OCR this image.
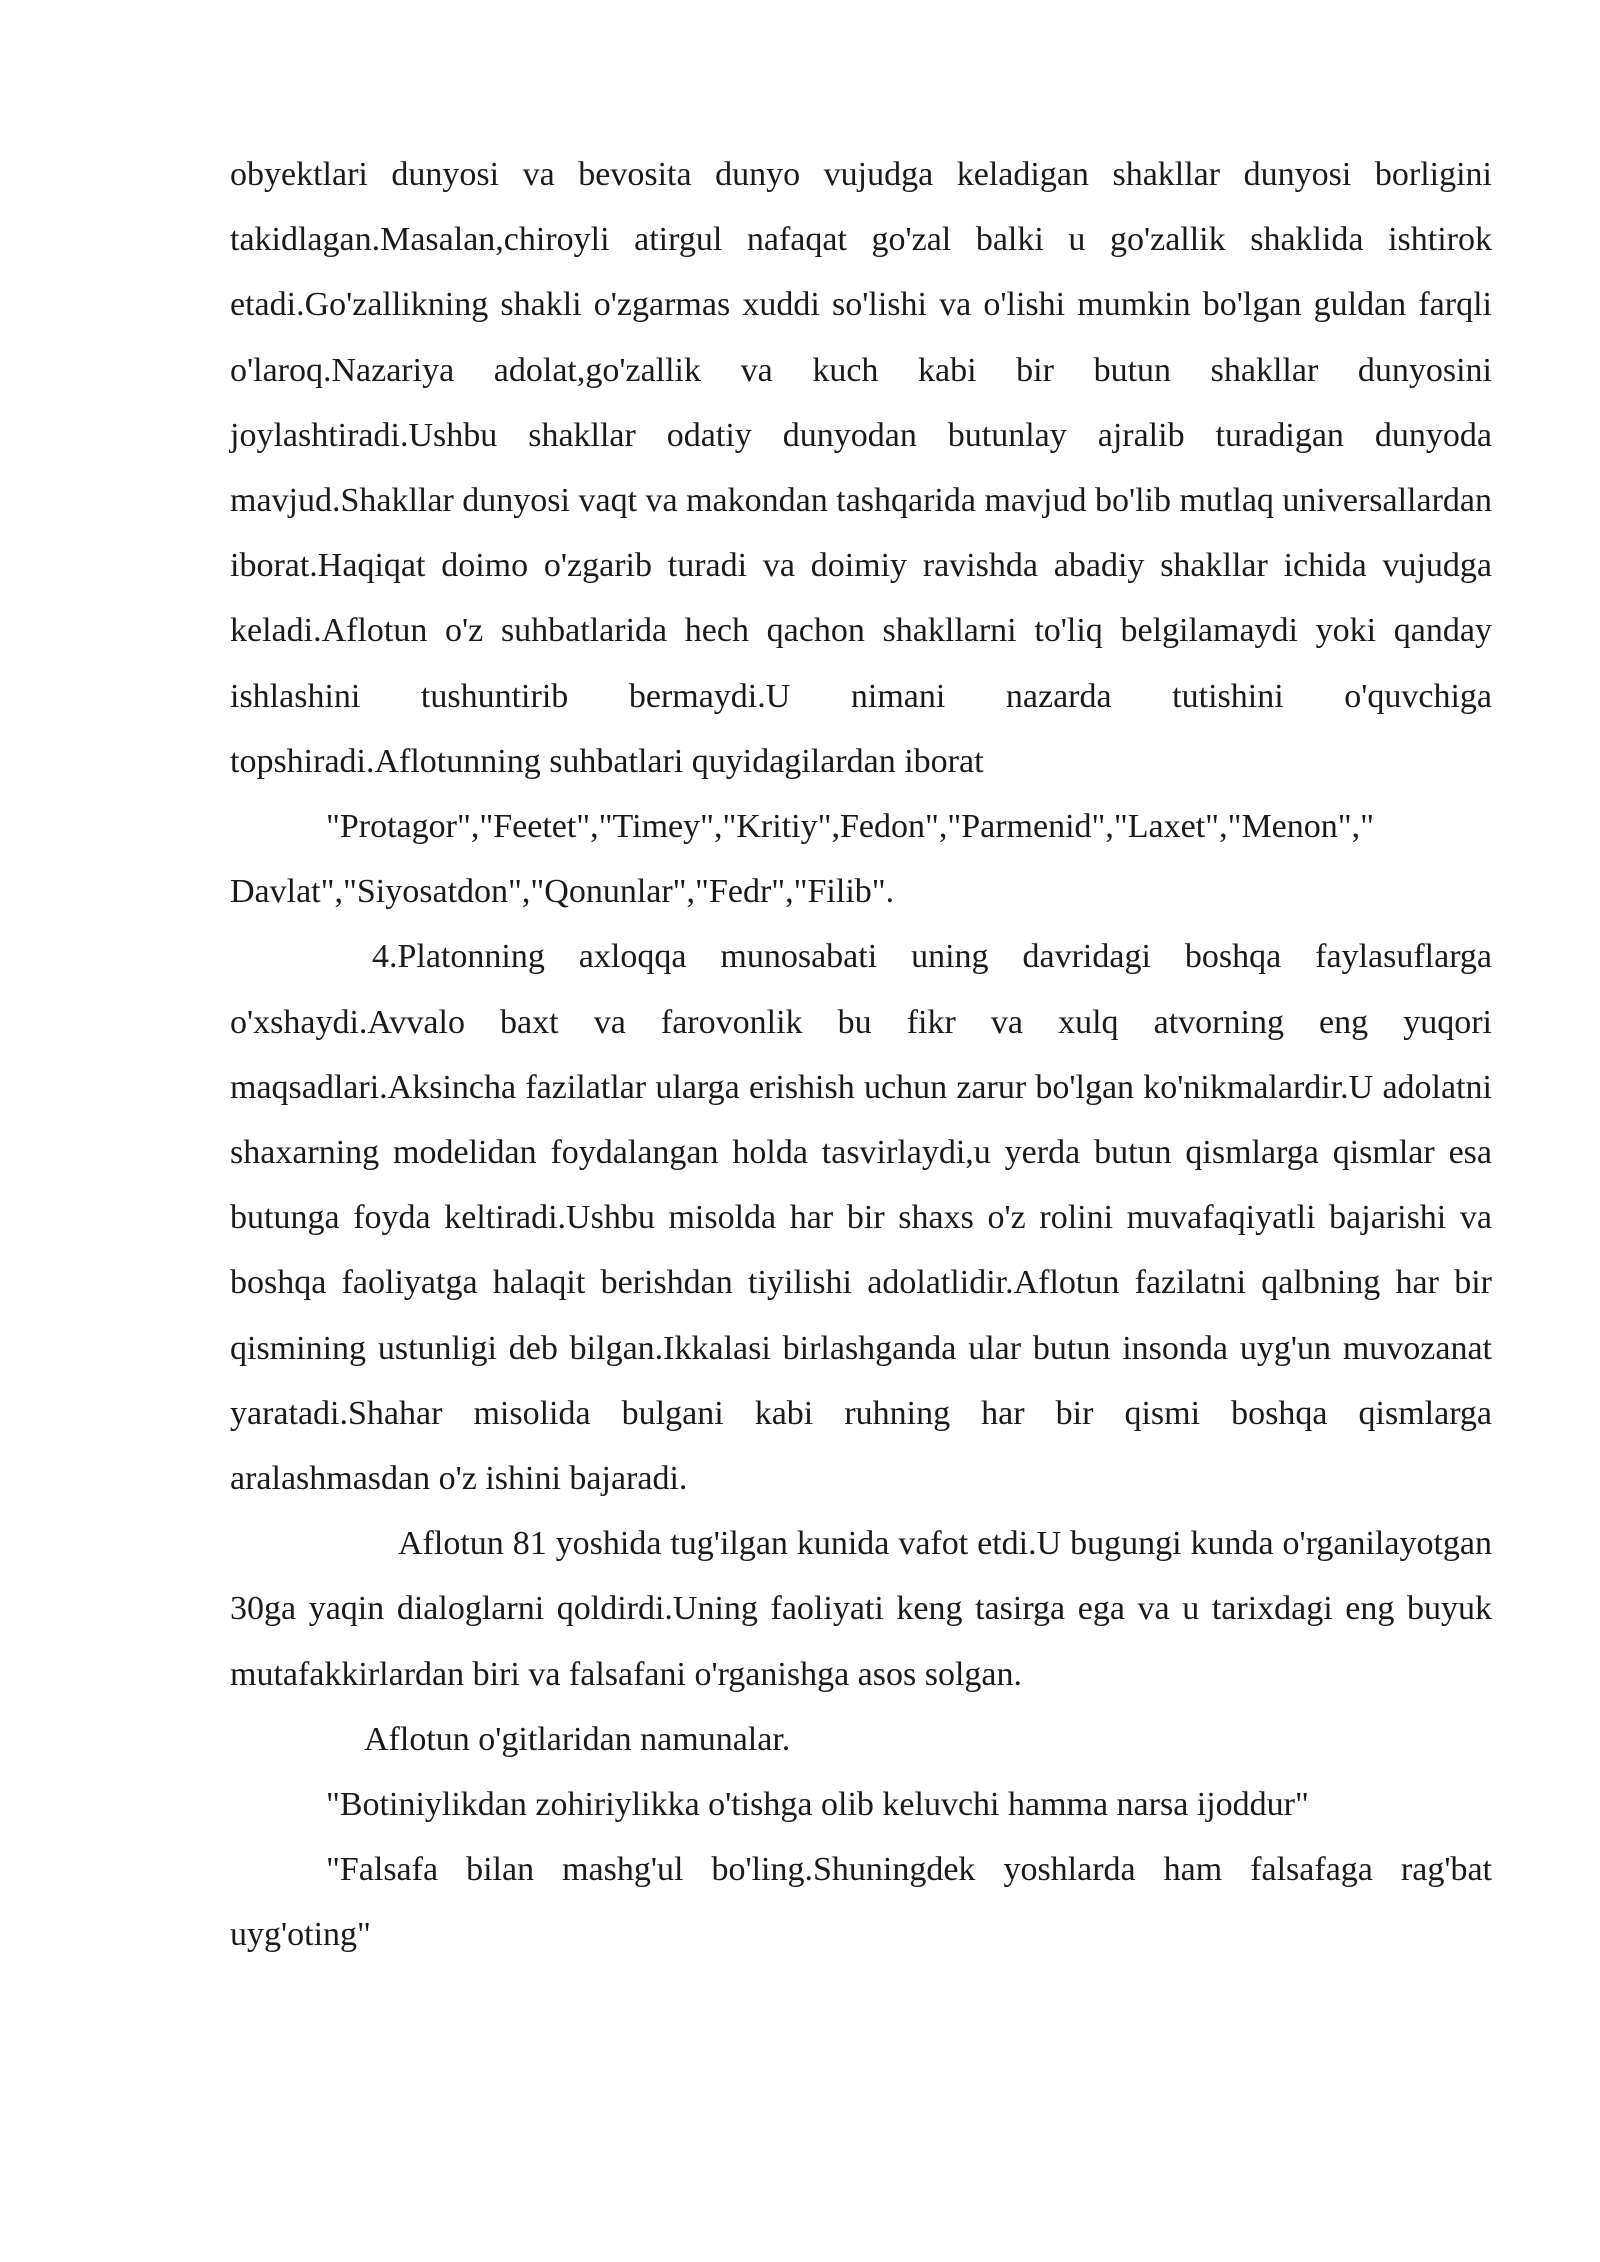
obyektlari dunyosi va bevosita dunyo vujudga keladigan shakllar dunyosi borligini takidlagan.Masalan,chiroyli atirgul nafaqat go'zal balki u go'zallik shaklida ishtirok etadi.Go'zallikning shakli o'zgarmas xuddi so'lishi va o'lishi mumkin bo'lgan guldan farqli o'laroq.Nazariya adolat,go'zallik va kuch kabi bir butun shakllar dunyosini joylashtiradi.Ushbu shakllar odatiy dunyodan butunlay ajralib turadigan dunyoda mavjud.Shakllar dunyosi vaqt va makondan tashqarida mavjud bo'lib mutlaq universallardan iborat.Haqiqat doimo o'zgarib turadi va doimiy ravishda abadiy shakllar ichida vujudga keladi.Aflotun o'z suhbatlarida hech qachon shakllarni to'liq belgilamaydi yoki qanday ishlashini tushuntirib bermaydi.U nimani nazarda tutishini o'quvchiga topshiradi.Aflotunning suhbatlari quyidagilardan iborat

"Protagor","Feetet","Timey","Kritiy",Fedon","Parmenid","Laxet","Menon"," Davlat","Siyosatdon","Qonunlar","Fedr","Filib".

4.Platonning axloqqa munosabati uning davridagi boshqa faylasuflarga o'xshaydi.Avvalo baxt va farovonlik bu fikr va xulq atvorning eng yuqori maqsadlari.Aksincha fazilatlar ularga erishish uchun zarur bo'lgan ko'nikmalardir.U adolatni shaxarning modelidan foydalangan holda tasvirlaydi,u yerda butun qismlarga qismlar esa butunga foyda keltiradi.Ushbu misolda har bir shaxs o'z rolini muvafaqiyatli bajarishi va boshqa faoliyatga halaqit berishdan tiyilishi adolatlidir.Aflotun fazilatni qalbning har bir qismining ustunligi deb bilgan.Ikkalasi birlashganda ular butun insonda uyg'un muvozanat yaratadi.Shahar misolida bulgani kabi ruhning har bir qismi boshqa qismlarga aralashmasdan o'z ishini bajaradi.

Aflotun 81 yoshida tug'ilgan kunida vafot etdi.U bugungi kunda o'rganilayotgan 30ga yaqin dialoglarni qoldirdi.Uning faoliyati keng tasirga ega va u tarixdagi eng buyuk mutafakkirlardan biri va falsafani o'rganishga asos solgan.

Aflotun o'gitlaridan namunalar.

"Botiniylikdan zohiriylikka o'tishga olib keluvchi hamma narsa ijoddur"

"Falsafa bilan mashg'ul bo'ling.Shuningdek yoshlarda ham falsafaga rag'bat uyg'oting"
